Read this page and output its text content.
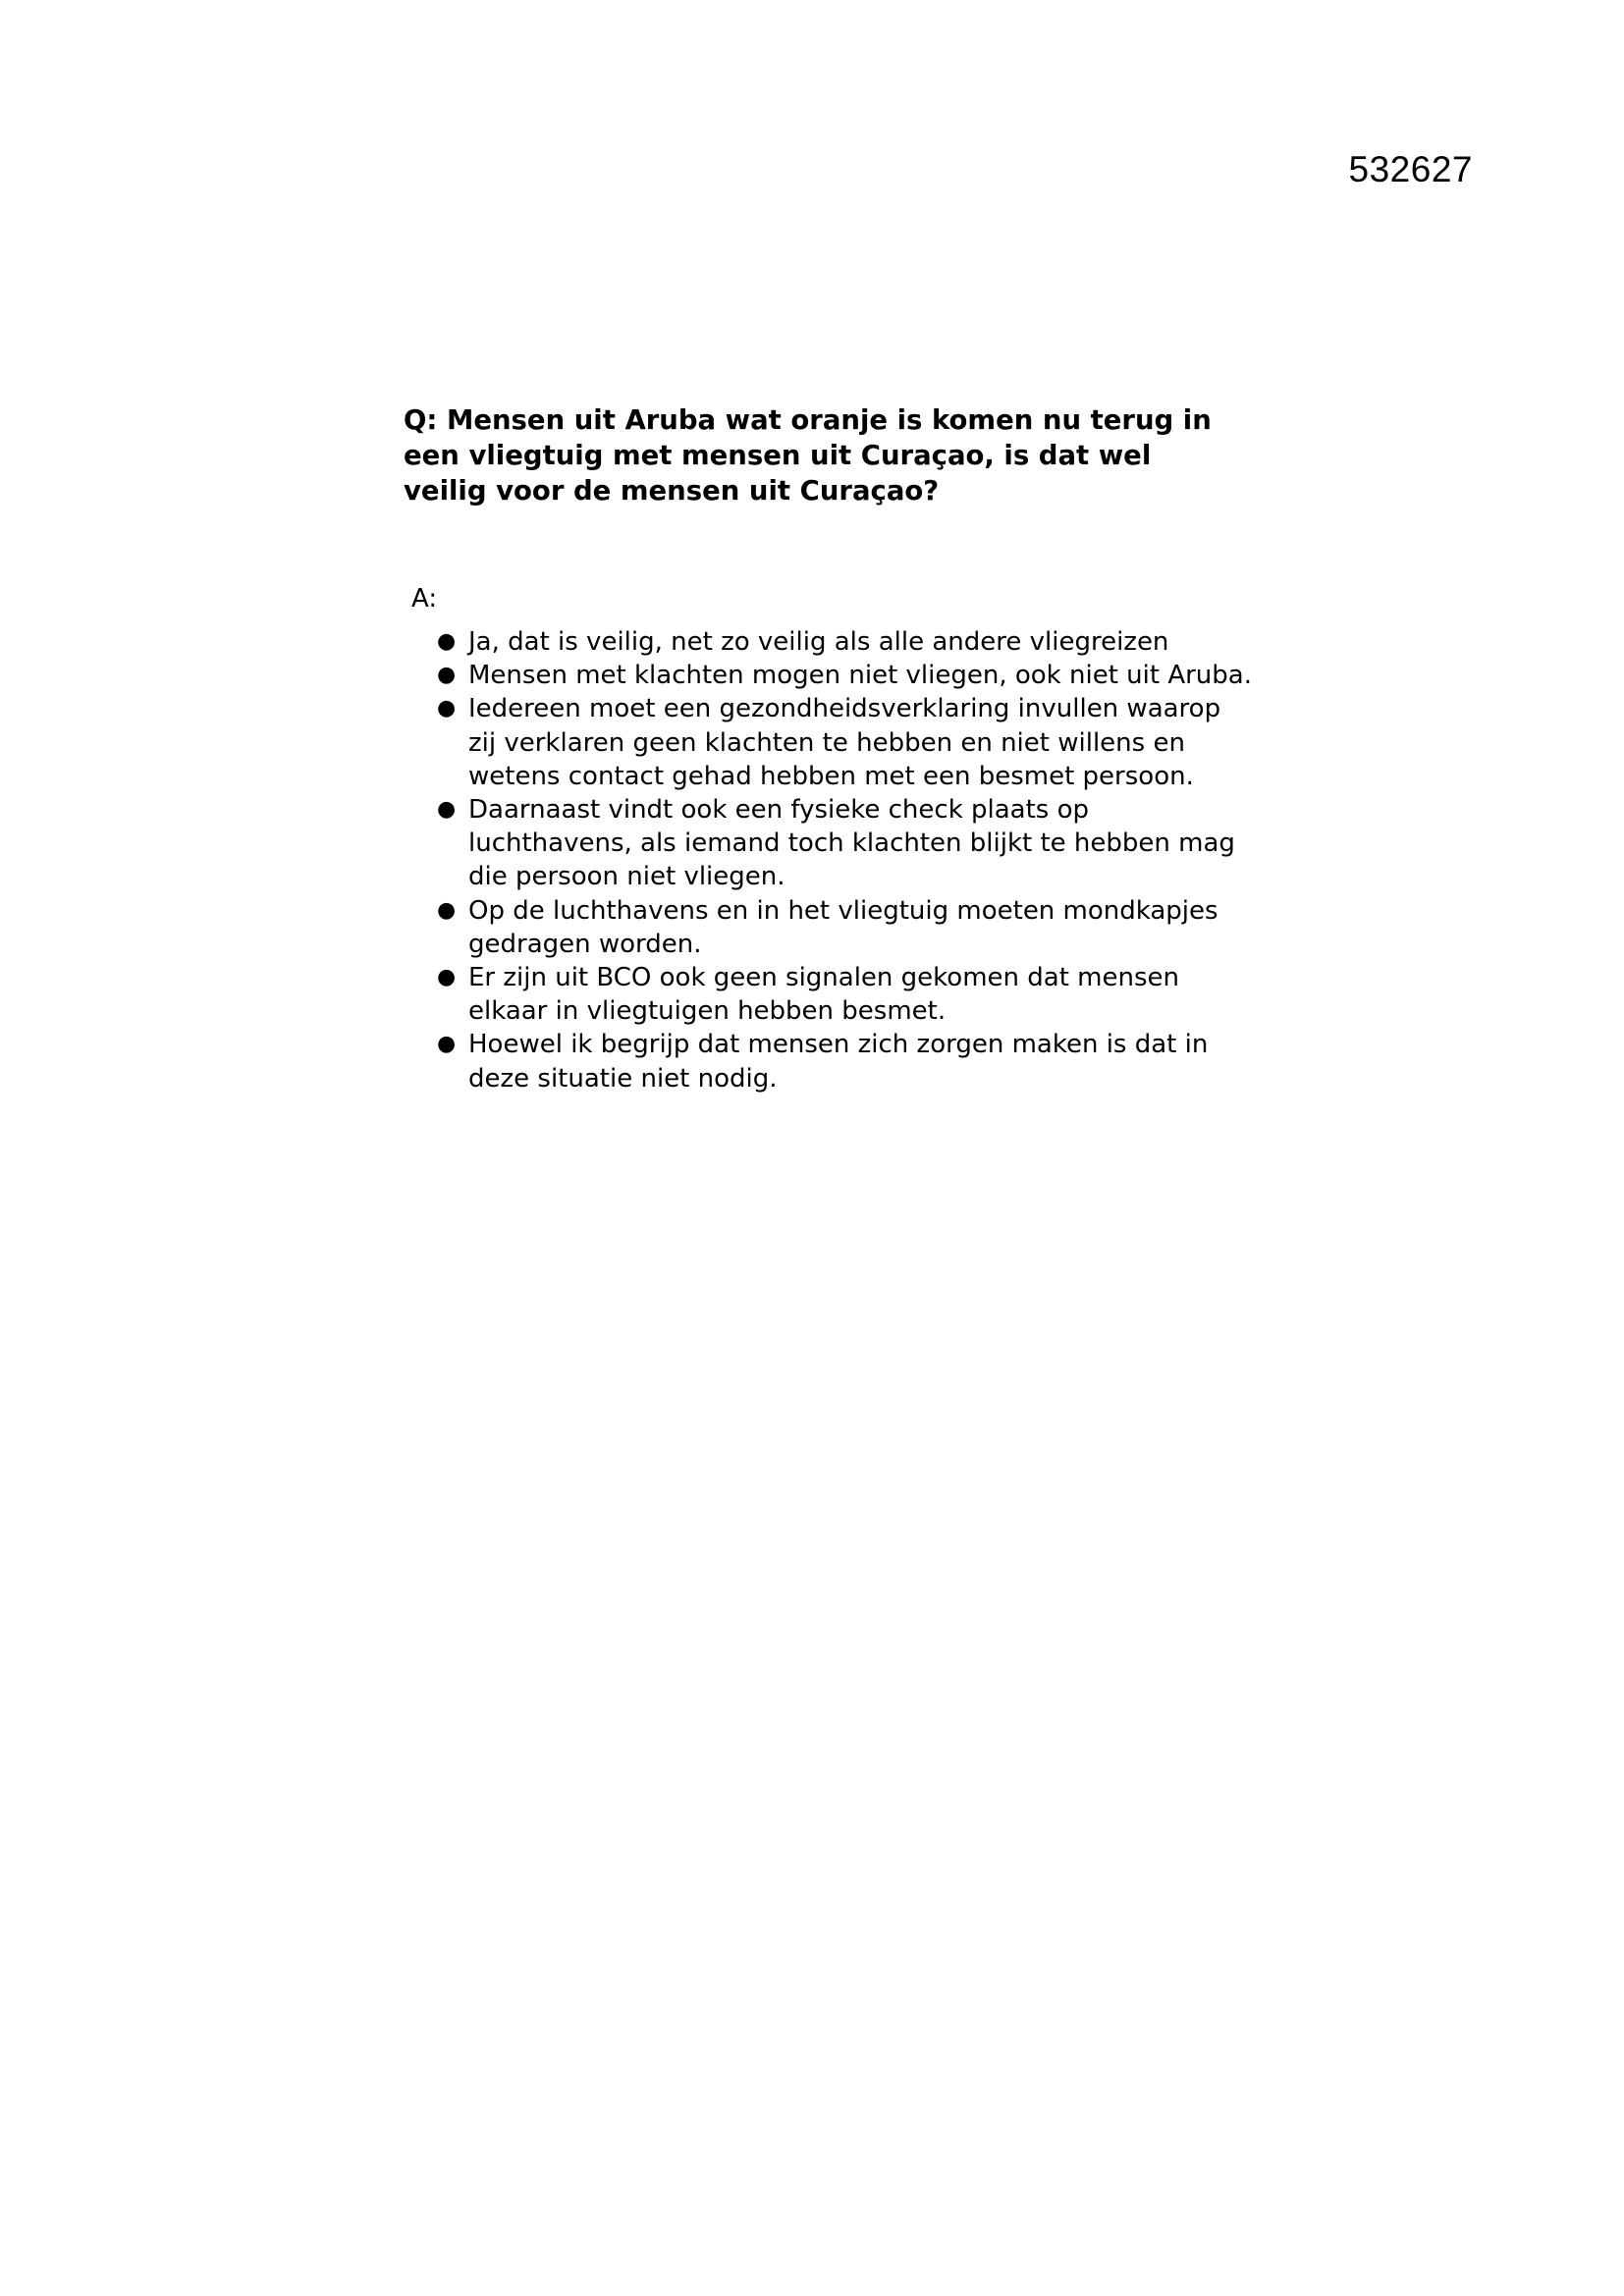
532627

Q: Mensen uit Aruba wat oranje is komen nu terug in een vliegtuig met mensen uit Curaçao, is dat wel veilig voor de mensen uit Curaçao?

A:
● Ja, dat is veilig, net zo veilig als alle andere vliegreizen
● Mensen met klachten mogen niet vliegen, ook niet uit Aruba.
● Iedereen moet een gezondheidsverklaring invullen waarop zij verklaren geen klachten te hebben en niet willens en wetens contact gehad hebben met een besmet persoon.
● Daarnaast vindt ook een fysieke check plaats op luchthavens, als iemand toch klachten blijkt te hebben mag die persoon niet vliegen.
● Op de luchthavens en in het vliegtuig moeten mondkapjes gedragen worden.
● Er zijn uit BCO ook geen signalen gekomen dat mensen elkaar in vliegtuigen hebben besmet.
● Hoewel ik begrijp dat mensen zich zorgen maken is dat in deze situatie niet nodig.
